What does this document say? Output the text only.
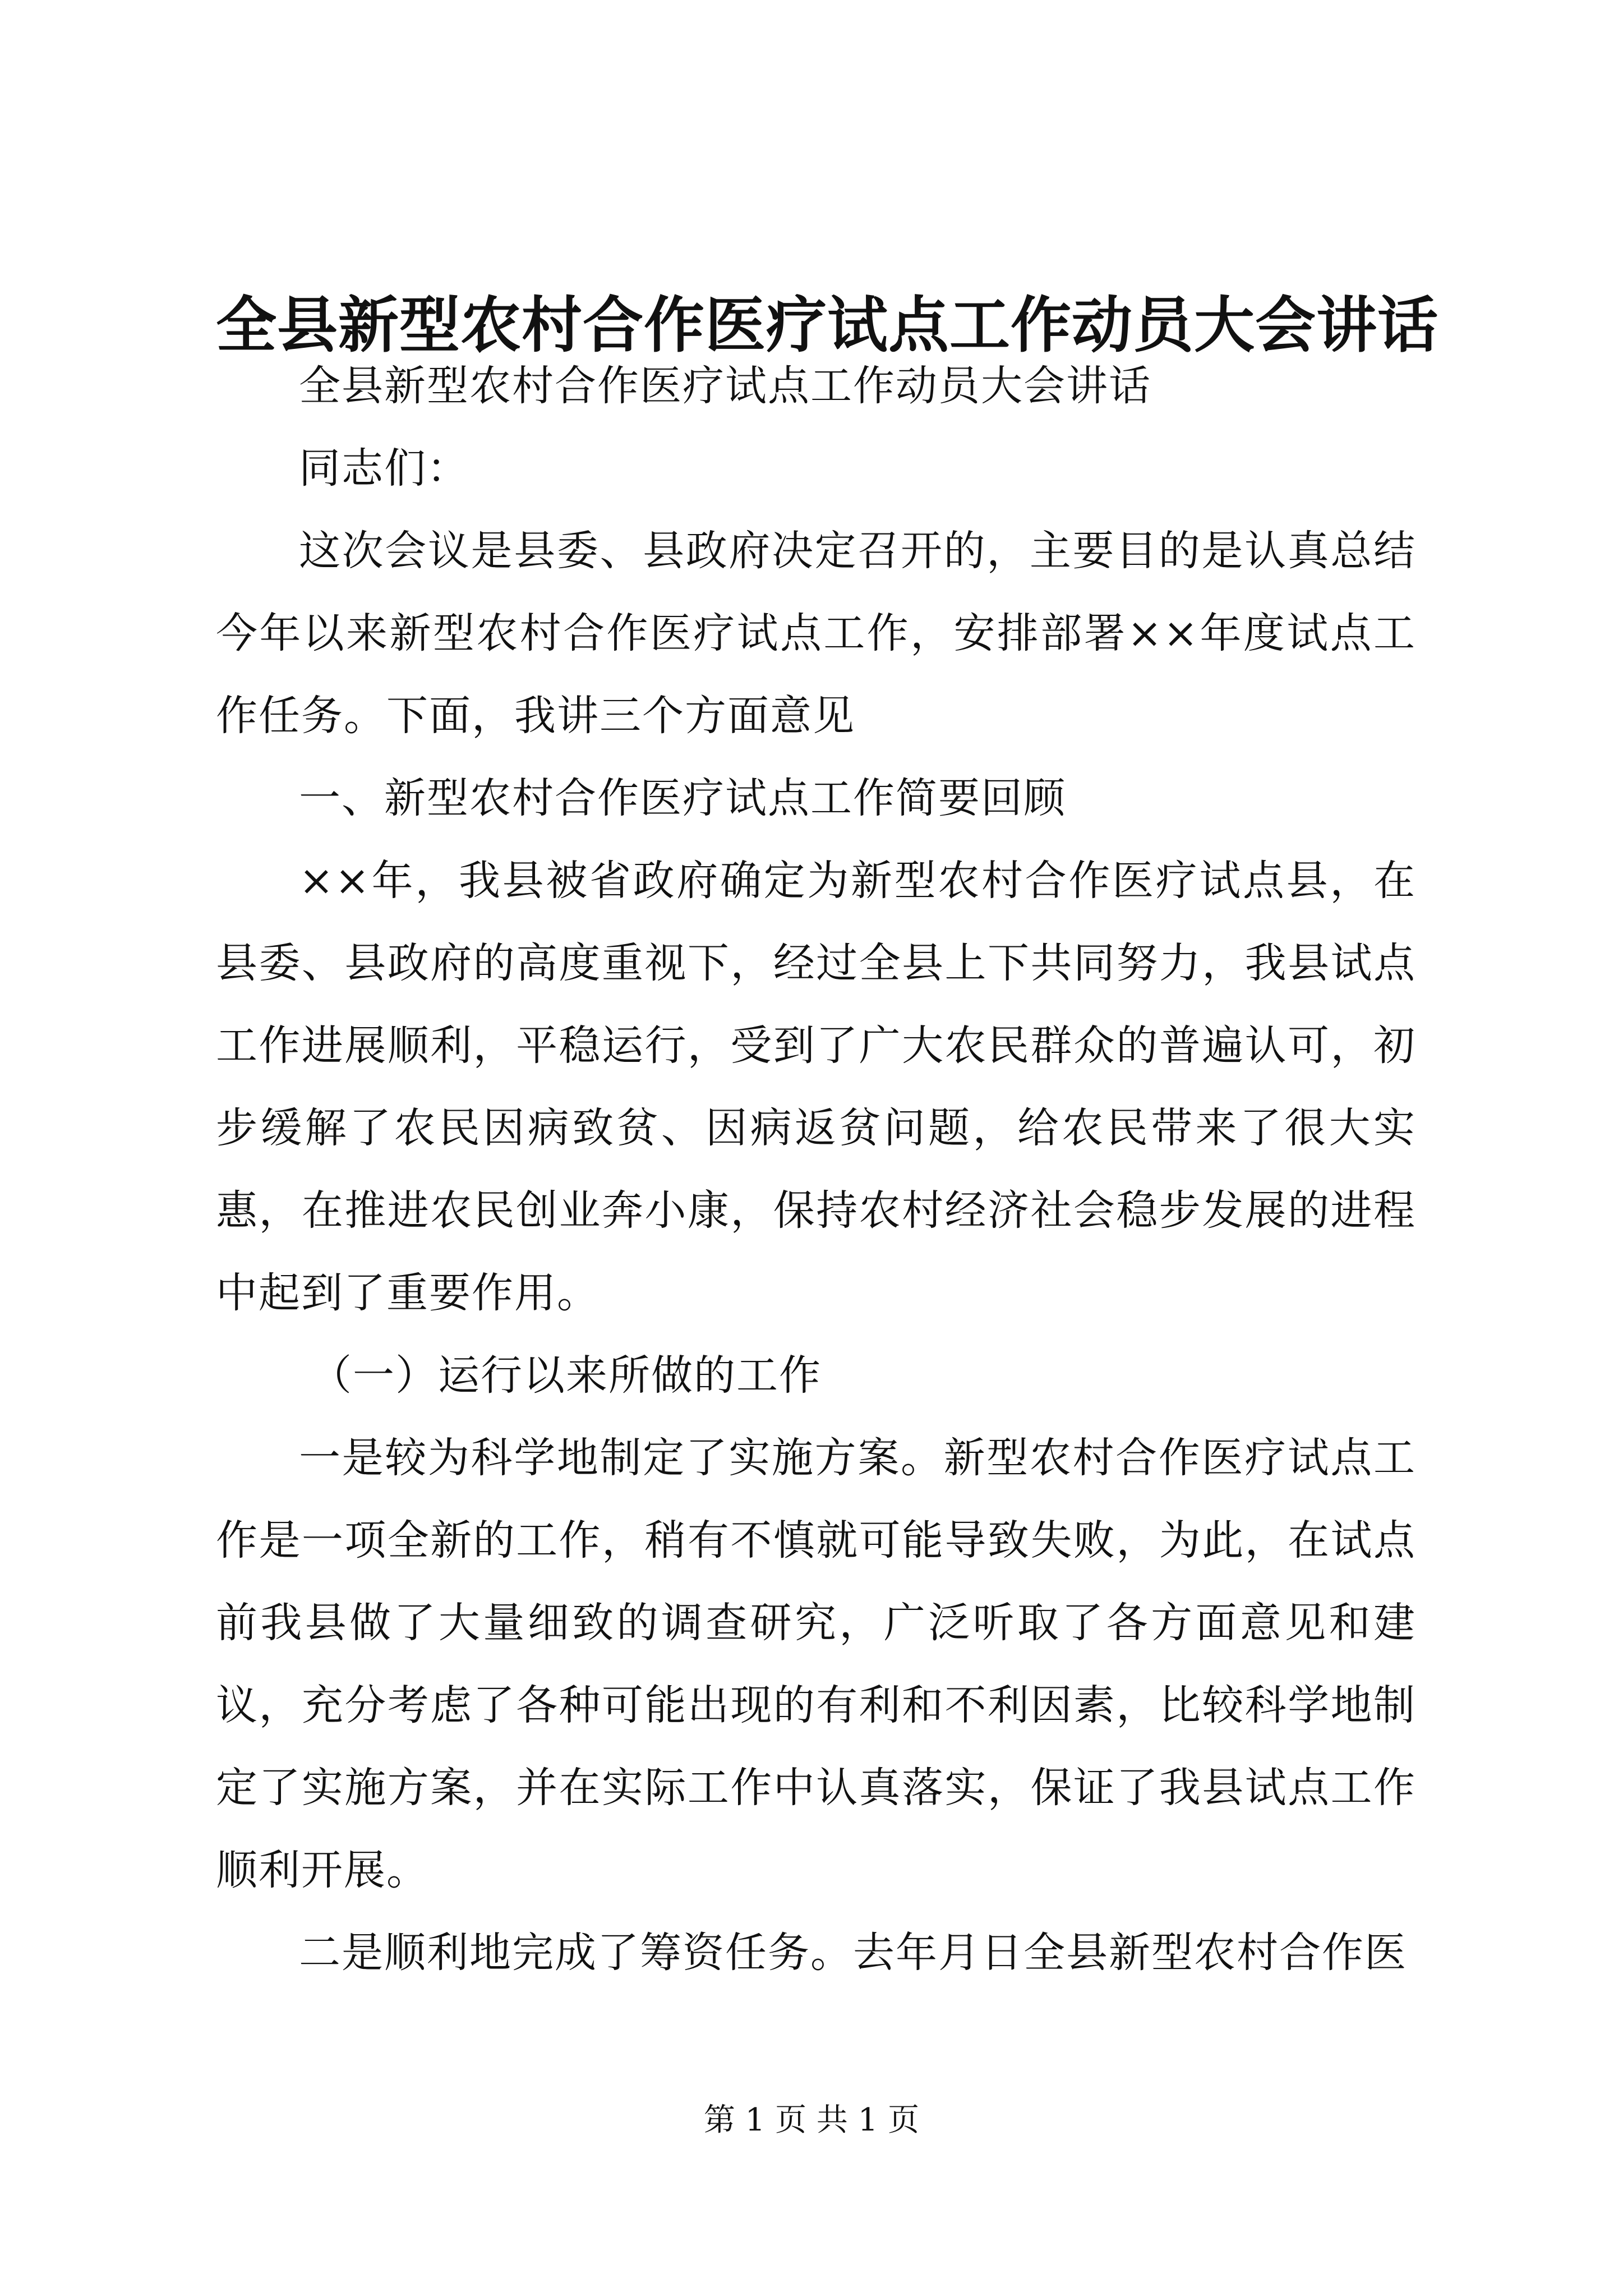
全县新型农村合作医疗试点工作动员大会讲话

全县新型农村合作医疗试点工作动员大会讲话

同志们：

这次会议是县委、县政府决定召开的，主要目的是认真总结今年以来新型农村合作医疗试点工作，安排部署××年度试点工作任务。下面，我讲三个方面意见

一、新型农村合作医疗试点工作简要回顾

××年，我县被省政府确定为新型农村合作医疗试点县，在县委、县政府的高度重视下，经过全县上下共同努力，我县试点工作进展顺利，平稳运行，受到了广大农民群众的普遍认可，初步缓解了农民因病致贫、因病返贫问题，给农民带来了很大实惠，在推进农民创业奔小康，保持农村经济社会稳步发展的进程中起到了重要作用。

（一）运行以来所做的工作

一是较为科学地制定了实施方案。新型农村合作医疗试点工作是一项全新的工作，稍有不慎就可能导致失败，为此，在试点前我县做了大量细致的调查研究，广泛听取了各方面意见和建议，充分考虑了各种可能出现的有利和不利因素，比较科学地制定了实施方案，并在实际工作中认真落实，保证了我县试点工作顺利开展。

二是顺利地完成了筹资任务。去年月日全县新型农村合作医

第 1 页 共 1 页
